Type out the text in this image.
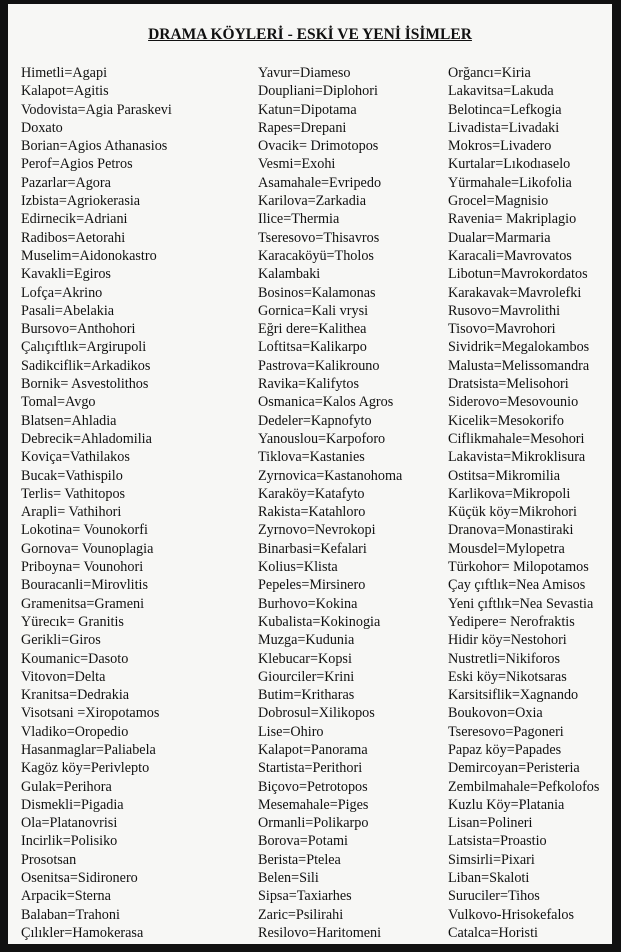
DRAMA KÖYLERİ - ESKİ VE YENİ İSİMLER
Himetli=Agapi
Kalapot=Agitis
Vodovista=Agia Paraskevi
Doxato
Borian=Agios Athanasios
Perof=Agios Petros
Pazarlar=Agora
Izbista=Agriokerasia
Edirnecik=Adriani
Radibos=Aetorahi
Muselim=Aidonokastro
Kavakli=Egiros
Lofça=Akrino
Pasali=Abelakia
Bursovo=Anthohori
Çalıçıftlık=Argirupoli
Sadikciflik=Arkadikos
Bornik= Asvestolithos
Tomal=Avgo
Blatsen=Ahladia
Debrecik=Ahladomilia
Koviça=Vathilakos
Bucak=Vathispilo
Terlis= Vathitopos
Arapli= Vathihori
Lokotina= Vounokorfi
Gornova= Vounoplagia
Priboyna= Vounohori
Bouracanli=Mirovlitis
Gramenitsa=Grameni
Yürecık= Granitis
Gerikli=Giros
Koumanic=Dasoto
Vitovon=Delta
Kranitsa=Dedrakia
Visotsani =Xiropotamos
Vladiko=Oropedio
Hasanmaglar=Paliabela
Kagöz köy=Perivlepto
Gulak=Perihora
Dismekli=Pigadia
Ola=Platanovrisi
Incirlik=Polisiko
Prosotsan
Osenitsa=Sidironero
Arpacik=Sterna
Balaban=Trahoni
Çılıkler=Hamokerasa
Yavur=Diameso
Doupliani=Diplohori
Katun=Dipotama
Rapes=Drepani
Ovacik= Drimotopos
Vesmi=Exohi
Asamahale=Evripedo
Karilova=Zarkadia
Ilice=Thermia
Tseresovo=Thisavros
Karacaköyü=Tholos
Kalambaki
Bosinos=Kalamonas
Gornica=Kali vrysi
Eğri dere=Kalithea
Loftitsa=Kalikarpo
Pastrova=Kalikrouno
Ravika=Kalifytos
Osmanica=Kalos Agros
Dedeler=Kapnofyto
Yanouslou=Karpoforo
Tiklova=Kastanies
Zyrnovica=Kastanohoma
Karaköy=Katafyto
Rakista=Katahloro
Zyrnovo=Nevrokopi
Binarbasi=Kefalari
Kolius=Klista
Pepeles=Mirsinero
Burhovo=Kokina
Kubalista=Kokinogia
Muzga=Kudunia
Klebucar=Kopsi
Giourciler=Krini
Butim=Kritharas
Dobrosul=Xilikopos
Lise=Ohiro
Kalapot=Panorama
Startista=Perithori
Biçovo=Petrotopos
Mesemahale=Piges
Ormanli=Polikarpo
Borova=Potami
Berista=Ptelea
Belen=Sili
Sipsa=Taxiarhes
Zaric=Psilirahi
Resilovo=Haritomeni
Orğancı=Kiria
Lakavitsa=Lakuda
Belotinca=Lefkogia
Livadista=Livadaki
Mokros=Livadero
Kurtalar=Lıkodıaselo
Yürmahale=Likofolia
Grocel=Magnisio
Ravenia= Makriplagio
Dualar=Marmaria
Karacali=Mavrovatos
Libotun=Mavrokordatos
Karakavak=Mavrolefki
Rusovo=Mavrolithi
Tisovo=Mavrohori
Sividrik=Megalokambos
Malusta=Melissomandra
Dratsista=Melisohori
Siderovo=Mesovounio
Kicelik=Mesokorifo
Ciflikmahale=Mesohori
Lakavista=Mikroklisura
Ostitsa=Mikromilia
Karlikova=Mikropoli
Küçük köy=Mikrohori
Dranova=Monastiraki
Mousdel=Mylopetra
Türkohor= Milopotamos
Çay çıftlık=Nea Amisos
Yeni çıftlık=Nea Sevastia
Yedipere= Nerofraktis
Hidir köy=Nestohori
Nustretli=Nikiforos
Eski köy=Nikotsaras
Karsitsiflik=Xagnando
Boukovon=Oxia
Tseresovo=Pagoneri
Papaz köy=Papades
Demircoyan=Peristeria
Zembilmahale=Pefkolofos
Kuzlu Köy=Platania
Lisan=Polineri
Latsista=Proastio
Simsirli=Pixari
Liban=Skaloti
Suruciler=Tihos
Vulkovo-Hrisokefalos
Catalca=Horisti
